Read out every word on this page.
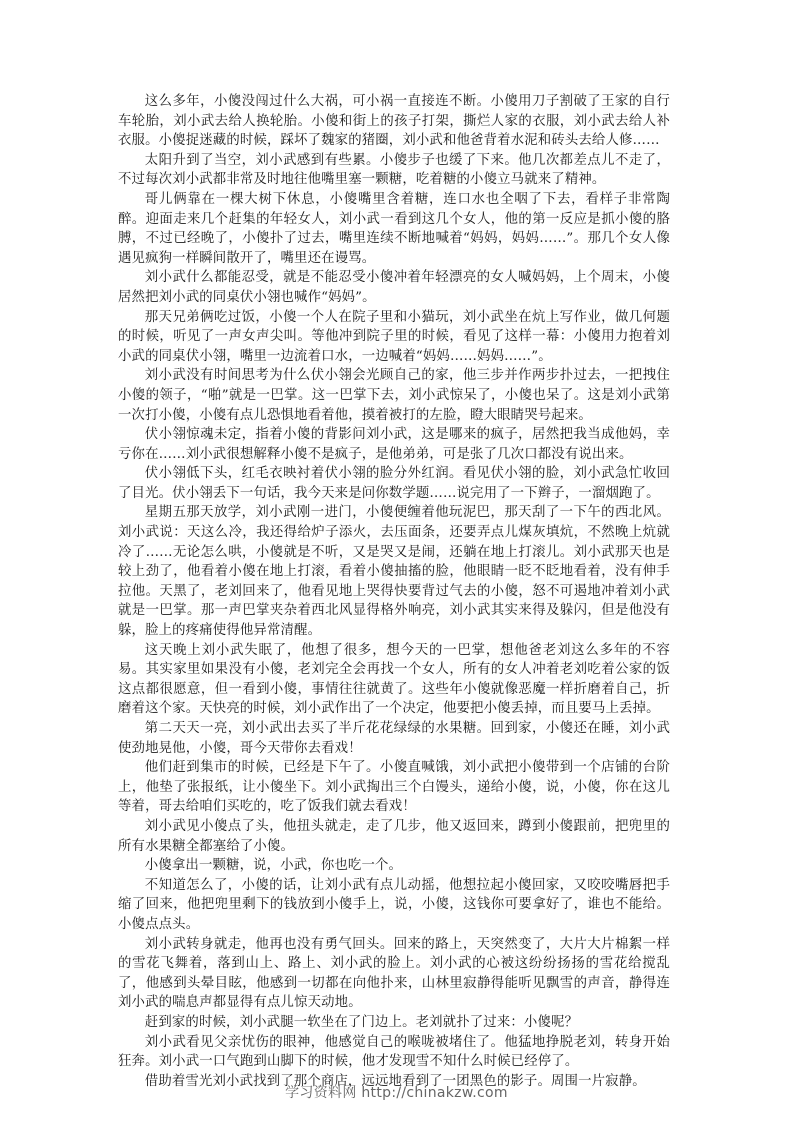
这么多年，小傻没闯过什么大祸，可小祸一直接连不断。小傻用刀子割破了王家的自行车轮胎，刘小武去给人换轮胎。小傻和街上的孩子打架，撕烂人家的衣服，刘小武去给人补衣服。小傻捉迷藏的时候，踩坏了魏家的猪圈，刘小武和他爸背着水泥和砖头去给人修……

太阳升到了当空，刘小武感到有些累。小傻步子也缓了下来。他几次都差点儿不走了，不过每次刘小武都非常及时地往他嘴里塞一颗糖，吃着糖的小傻立马就来了精神。

哥儿俩靠在一棵大树下休息，小傻嘴里含着糖，连口水也全咽了下去，看样子非常陶醉。迎面走来几个赶集的年轻女人，刘小武一看到这几个女人，他的第一反应是抓小傻的胳膊，不过已经晚了，小傻扑了过去，嘴里连续不断地喊着“妈妈，妈妈……”。那几个女人像遇见疯狗一样瞬间散开了，嘴里还在谩骂。

刘小武什么都能忍受，就是不能忍受小傻冲着年轻漂亮的女人喊妈妈，上个周末，小傻居然把刘小武的同桌伏小翎也喊作“妈妈”。

那天兄弟俩吃过饭，小傻一个人在院子里和小猫玩，刘小武坐在炕上写作业，做几何题的时候，听见了一声女声尖叫。等他冲到院子里的时候，看见了这样一幕：小傻用力抱着刘小武的同桌伏小翎，嘴里一边流着口水，一边喊着“妈妈……妈妈……”。

刘小武没有时间思考为什么伏小翎会光顾自己的家，他三步并作两步扑过去，一把拽住小傻的领子，“啪”就是一巴掌。这一巴掌下去，刘小武惊呆了，小傻也呆了。这是刘小武第一次打小傻，小傻有点儿恐惧地看着他，摸着被打的左脸，瞪大眼睛哭号起来。

伏小翎惊魂未定，指着小傻的背影问刘小武，这是哪来的疯子，居然把我当成他妈，幸亏你在……刘小武很想解释小傻不是疯子，是他弟弟，可是张了几次口都没有说出来。

伏小翎低下头，红毛衣映衬着伏小翎的脸分外红润。看见伏小翎的脸，刘小武急忙收回了目光。伏小翎丢下一句话，我今天来是问你数学题……说完用了一下辫子，一溜烟跑了。

星期五那天放学，刘小武刚一进门，小傻便缠着他玩泥巴，那天刮了一下午的西北风。刘小武说：天这么冷，我还得给炉子添火，去压面条，还要弄点儿煤灰填炕，不然晚上炕就冷了……无论怎么哄，小傻就是不听，又是哭又是闹，还躺在地上打滚儿。刘小武那天也是较上劲了，他看着小傻在地上打滚，看着小傻抽搐的脸，他眼睛一眨不眨地看着，没有伸手拉他。天黑了，老刘回来了，他看见地上哭得快要背过气去的小傻，怒不可遏地冲着刘小武就是一巴掌。那一声巴掌夹杂着西北风显得格外响亮，刘小武其实来得及躲闪，但是他没有躲，脸上的疼痛使得他异常清醒。

这天晚上刘小武失眠了，他想了很多，想今天的一巴掌，想他爸老刘这么多年的不容易。其实家里如果没有小傻，老刘完全会再找一个女人，所有的女人冲着老刘吃着公家的饭这点都很愿意，但一看到小傻，事情往往就黄了。这些年小傻就像恶魔一样折磨着自己，折磨着这个家。天快亮的时候，刘小武作出了一个决定，他要把小傻丢掉，而且要马上丢掉。

第二天天一亮，刘小武出去买了半斤花花绿绿的水果糖。回到家，小傻还在睡，刘小武使劲地晃他，小傻，哥今天带你去看戏！

他们赶到集市的时候，已经是下午了。小傻直喊饿，刘小武把小傻带到一个店铺的台阶上，他垫了张报纸，让小傻坐下。刘小武掏出三个白馒头，递给小傻，说，小傻，你在这儿等着，哥去给咱们买吃的，吃了饭我们就去看戏！

刘小武见小傻点了头，他扭头就走，走了几步，他又返回来，蹲到小傻跟前，把兜里的所有水果糖全都塞给了小傻。

小傻拿出一颗糖，说，小武，你也吃一个。

不知道怎么了，小傻的话，让刘小武有点儿动摇，他想拉起小傻回家，又咬咬嘴唇把手缩了回来，他把兜里剩下的钱放到小傻手上，说，小傻，这钱你可要拿好了，谁也不能给。小傻点点头。

刘小武转身就走，他再也没有勇气回头。回来的路上，天突然变了，大片大片棉絮一样的雪花飞舞着，落到山上、路上、刘小武的脸上。刘小武的心被这纷纷扬扬的雪花给搅乱了，他感到头晕目眩，他感到一切都在向他扑来，山林里寂静得能听见飘雪的声音，静得连刘小武的喘息声都显得有点儿惊天动地。

赶到家的时候，刘小武腿一软坐在了门边上。老刘就扑了过来：小傻呢？

刘小武看见父亲忧伤的眼神，他感觉自己的喉咙被堵住了。他猛地挣脱老刘，转身开始狂奔。刘小武一口气跑到山脚下的时候，他才发现雪不知什么时候已经停了。

借助着雪光刘小武找到了那个商店，远远地看到了一团黑色的影子。周围一片寂静。

学习资料网 http://chinakzw.com
